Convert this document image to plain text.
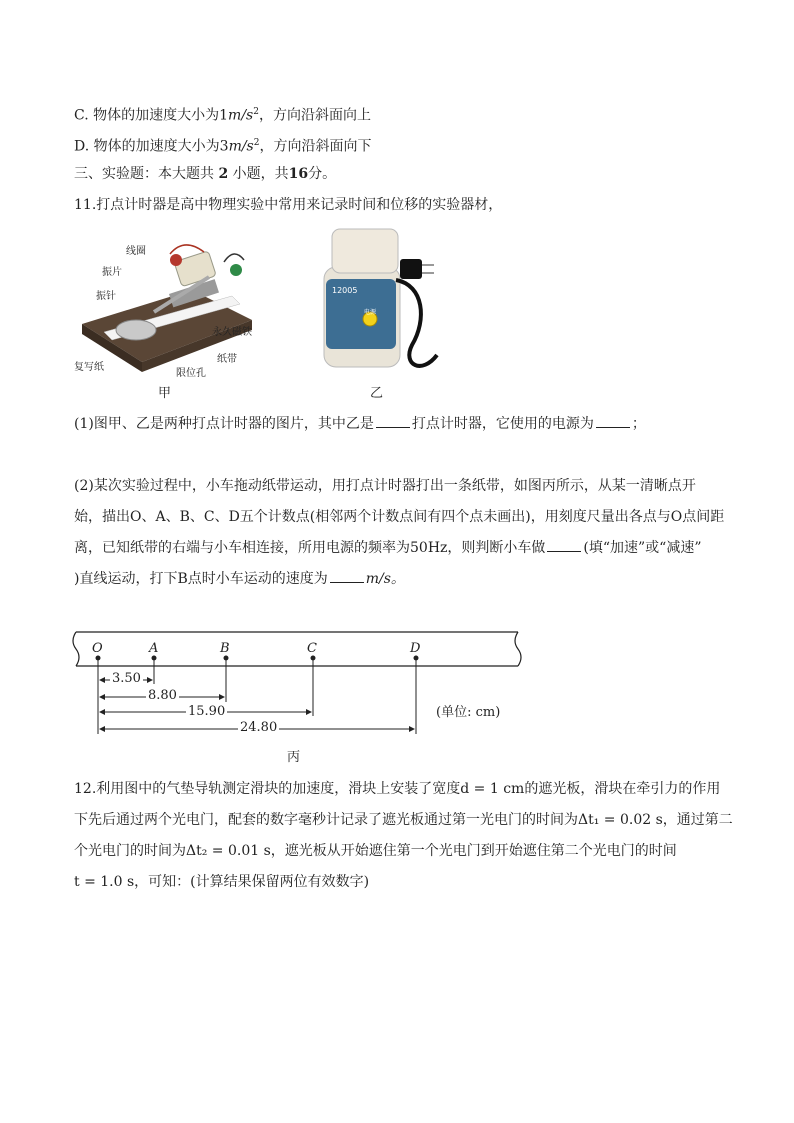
C. 物体的加速度大小为$1m/s^2$，方向沿斜面向上
D. 物体的加速度大小为$3m/s^2$，方向沿斜面向下
三、实验题：本大题共 2 小题，共16分。
11.打点计时器是高中物理实验中常用来记录时间和位移的实验器材，
线圈
振片
振针
永久磁铁
纸带
复写纸
限位孔
甲
12005
电源
乙
(1)图甲、乙是两种打点计时器的图片，其中乙是	打点计时器，它使用的电源为	；
(2)某次实验过程中，小车拖动纸带运动，用打点计时器打出一条纸带，如图丙所示，从某一清晰点开
始，描出O、A、B、C、D五个计数点(相邻两个计数点间有四个点未画出)，用刻度尺量出各点与O点间距
离，已知纸带的右端与小车相连接，所用电源的频率为50Hz，则判断小车做	(填“加速”或“减速”
)直线运动，打下B点时小车运动的速度为	m/s。
O	A	B	C	D
3.50
8.80
15.90
24.80
(单位: cm)
丙
12.利用图中的气垫导轨测定滑块的加速度，滑块上安装了宽度d = 1 cm的遮光板，滑块在牵引力的作用
下先后通过两个光电门，配套的数字毫秒计记录了遮光板通过第一光电门的时间为Δt₁ = 0.02 s，通过第二
个光电门的时间为Δt₂ = 0.01 s，遮光板从开始遮住第一个光电门到开始遮住第二个光电门的时间
t = 1.0 s，可知：(计算结果保留两位有效数字)
